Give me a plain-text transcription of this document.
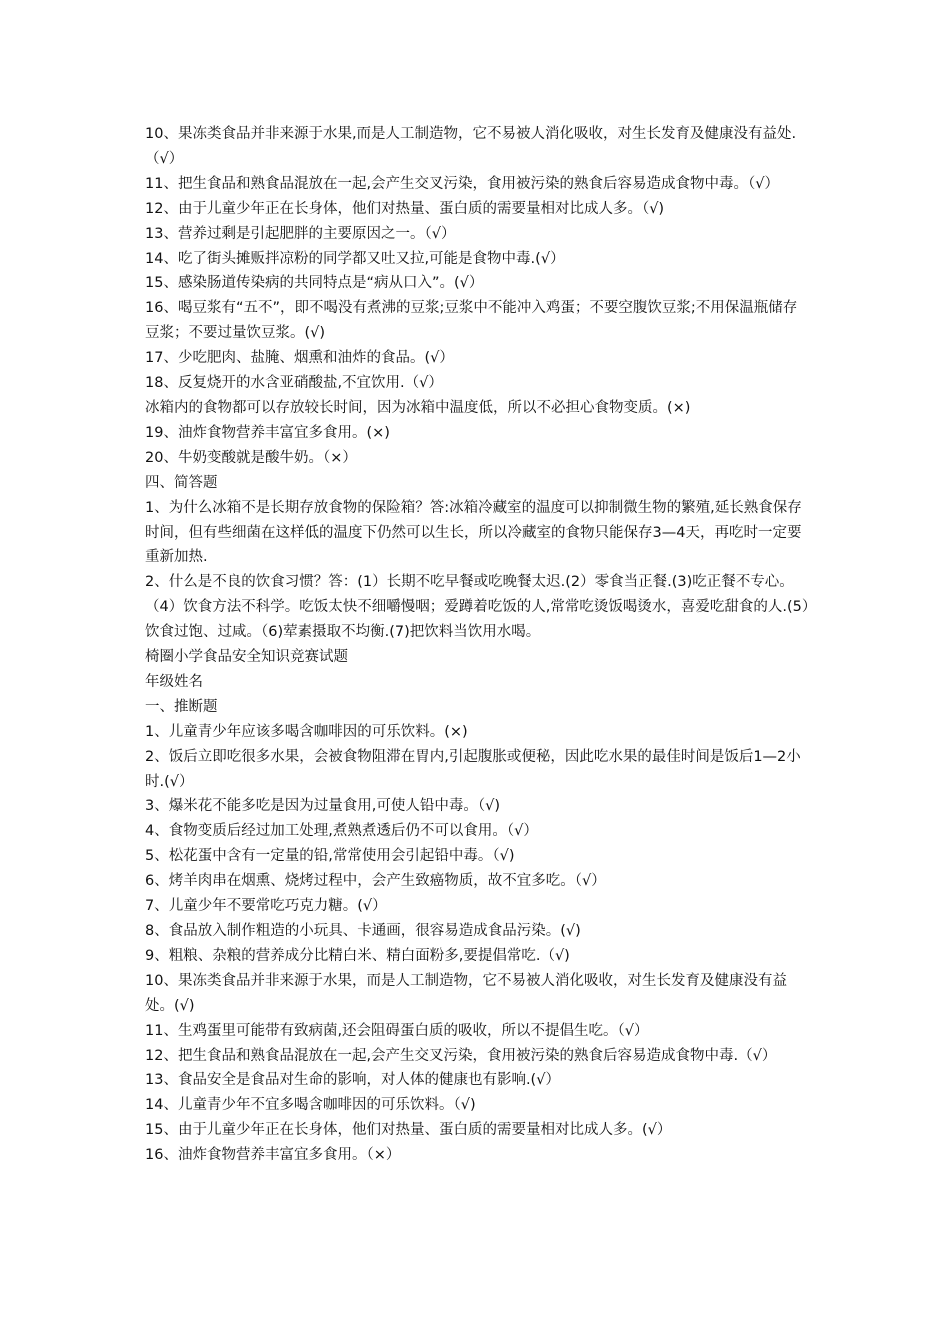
10、果冻类食品并非来源于水果,而是人工制造物，它不易被人消化吸收，对生长发育及健康没有益处.（√）
11、把生食品和熟食品混放在一起,会产生交叉污染，食用被污染的熟食后容易造成食物中毒。（√）
12、由于儿童少年正在长身体，他们对热量、蛋白质的需要量相对比成人多。（√)
13、营养过剩是引起肥胖的主要原因之一。（√）
14、吃了街头摊贩拌凉粉的同学都又吐又拉,可能是食物中毒.(√）
15、感染肠道传染病的共同特点是“病从口入”。(√）
16、喝豆浆有“五不”，即不喝没有煮沸的豆浆;豆浆中不能冲入鸡蛋；不要空腹饮豆浆;不用保温瓶储存豆浆；不要过量饮豆浆。(√)
17、少吃肥肉、盐腌、烟熏和油炸的食品。(√）
18、反复烧开的水含亚硝酸盐,不宜饮用.（√）
冰箱内的食物都可以存放较长时间，因为冰箱中温度低，所以不必担心食物变质。(×)
19、油炸食物营养丰富宜多食用。(×)
20、牛奶变酸就是酸牛奶。（×）
四、简答题
1、为什么冰箱不是长期存放食物的保险箱？答:冰箱冷藏室的温度可以抑制微生物的繁殖,延长熟食保存时间，但有些细菌在这样低的温度下仍然可以生长，所以冷藏室的食物只能保存3—4天，再吃时一定要重新加热.
2、什么是不良的饮食习惯？答：(1）长期不吃早餐或吃晚餐太迟.(2）零食当正餐.(3)吃正餐不专心。（4）饮食方法不科学。吃饭太快不细嚼慢咽；爱蹲着吃饭的人,常常吃烫饭喝烫水，喜爱吃甜食的人.(5）饮食过饱、过咸。（6)荤素摄取不均衡.(7)把饮料当饮用水喝。
椅圈小学食品安全知识竞赛试题
年级姓名
一、推断题
1、儿童青少年应该多喝含咖啡因的可乐饮料。(×)
2、饭后立即吃很多水果，会被食物阻滞在胃内,引起腹胀或便秘，因此吃水果的最佳时间是饭后1—2小时.(√）
3、爆米花不能多吃是因为过量食用,可使人铅中毒。（√)
4、食物变质后经过加工处理,煮熟煮透后仍不可以食用。（√）
5、松花蛋中含有一定量的铅,常常使用会引起铅中毒。（√)
6、烤羊肉串在烟熏、烧烤过程中，会产生致癌物质，故不宜多吃。（√）
7、儿童少年不要常吃巧克力糖。(√）
8、食品放入制作粗造的小玩具、卡通画，很容易造成食品污染。(√)
9、粗粮、杂粮的营养成分比精白米、精白面粉多,要提倡常吃.（√)
10、果冻类食品并非来源于水果，而是人工制造物，它不易被人消化吸收，对生长发育及健康没有益处。(√)
11、生鸡蛋里可能带有致病菌,还会阻碍蛋白质的吸收，所以不提倡生吃。（√）
12、把生食品和熟食品混放在一起,会产生交叉污染，食用被污染的熟食后容易造成食物中毒.（√）
13、食品安全是食品对生命的影响，对人体的健康也有影响.(√）
14、儿童青少年不宜多喝含咖啡因的可乐饮料。（√)
15、由于儿童少年正在长身体，他们对热量、蛋白质的需要量相对比成人多。(√）
16、油炸食物营养丰富宜多食用。（×）
